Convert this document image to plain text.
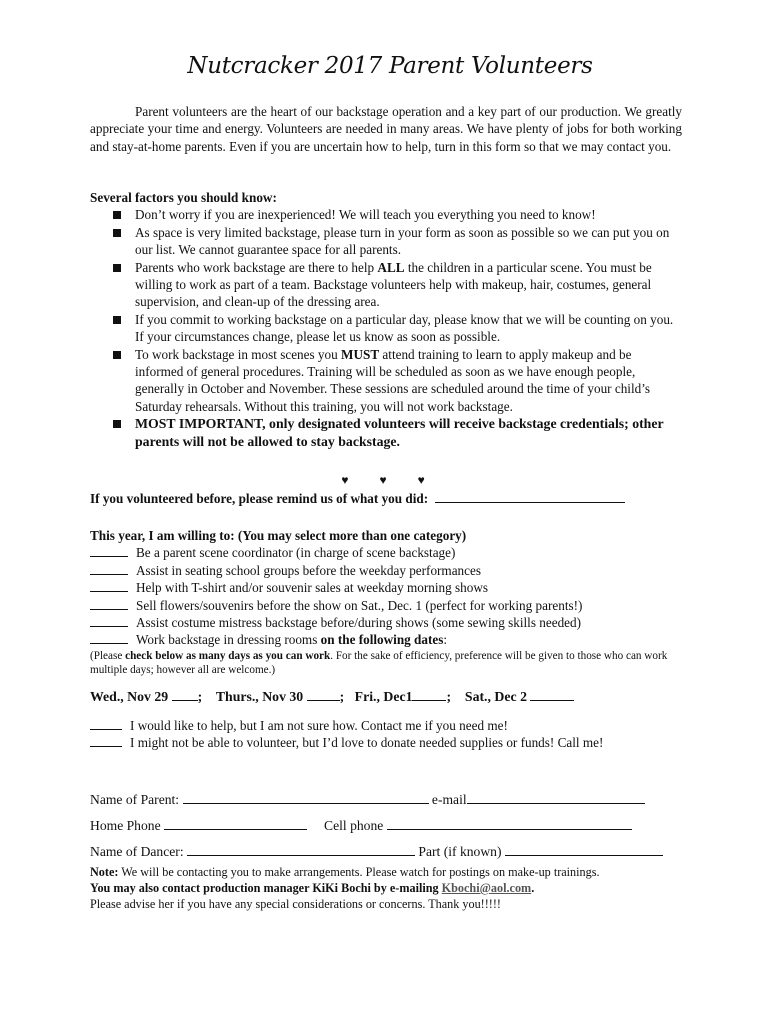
Nutcracker 2017 Parent Volunteers
Parent volunteers are the heart of our backstage operation and a key part of our production. We greatly appreciate your time and energy. Volunteers are needed in many areas. We have plenty of jobs for both working and stay-at-home parents. Even if you are uncertain how to help, turn in this form so that we may contact you.
Several factors you should know:
Don’t worry if you are inexperienced! We will teach you everything you need to know!
As space is very limited backstage, please turn in your form as soon as possible so we can put you on our list. We cannot guarantee space for all parents.
Parents who work backstage are there to help ALL the children in a particular scene. You must be willing to work as part of a team. Backstage volunteers help with makeup, hair, costumes, general supervision, and clean-up of the dressing area.
If you commit to working backstage on a particular day, please know that we will be counting on you. If your circumstances change, please let us know as soon as possible.
To work backstage in most scenes you MUST attend training to learn to apply makeup and be informed of general procedures. Training will be scheduled as soon as we have enough people, generally in October and November. These sessions are scheduled around the time of your child’s Saturday rehearsals. Without this training, you will not work backstage.
MOST IMPORTANT, only designated volunteers will receive backstage credentials; other parents will not be allowed to stay backstage.
♥ ♥ ♥
If you volunteered before, please remind us of what you did:
This year, I am willing to: (You may select more than one category)
Be a parent scene coordinator (in charge of scene backstage)
Assist in seating school groups before the weekday performances
Help with T-shirt and/or souvenir sales at weekday morning shows
Sell flowers/souvenirs before the show on Sat., Dec. 1 (perfect for working parents!)
Assist costume mistress backstage before/during shows (some sewing skills needed)
Work backstage in dressing rooms on the following dates:
(Please check below as many days as you can work. For the sake of efficiency, preference will be given to those who can work multiple days; however all are welcome.)
Wed., Nov 29 ; Thurs., Nov 30	; Fri., Dec1 ; Sat., Dec 2
I would like to help, but I am not sure how. Contact me if you need me!
I might not be able to volunteer, but I’d love to donate needed supplies or funds! Call me!
Name of Parent:	e-mail
Home Phone	Cell phone
Name of Dancer:	Part (if known)
Note: We will be contacting you to make arrangements. Please watch for postings on make-up trainings.
You may also contact production manager KiKi Bochi by e-mailing Kbochi@aol.com.
Please advise her if you have any special considerations or concerns. Thank you!!!!!
